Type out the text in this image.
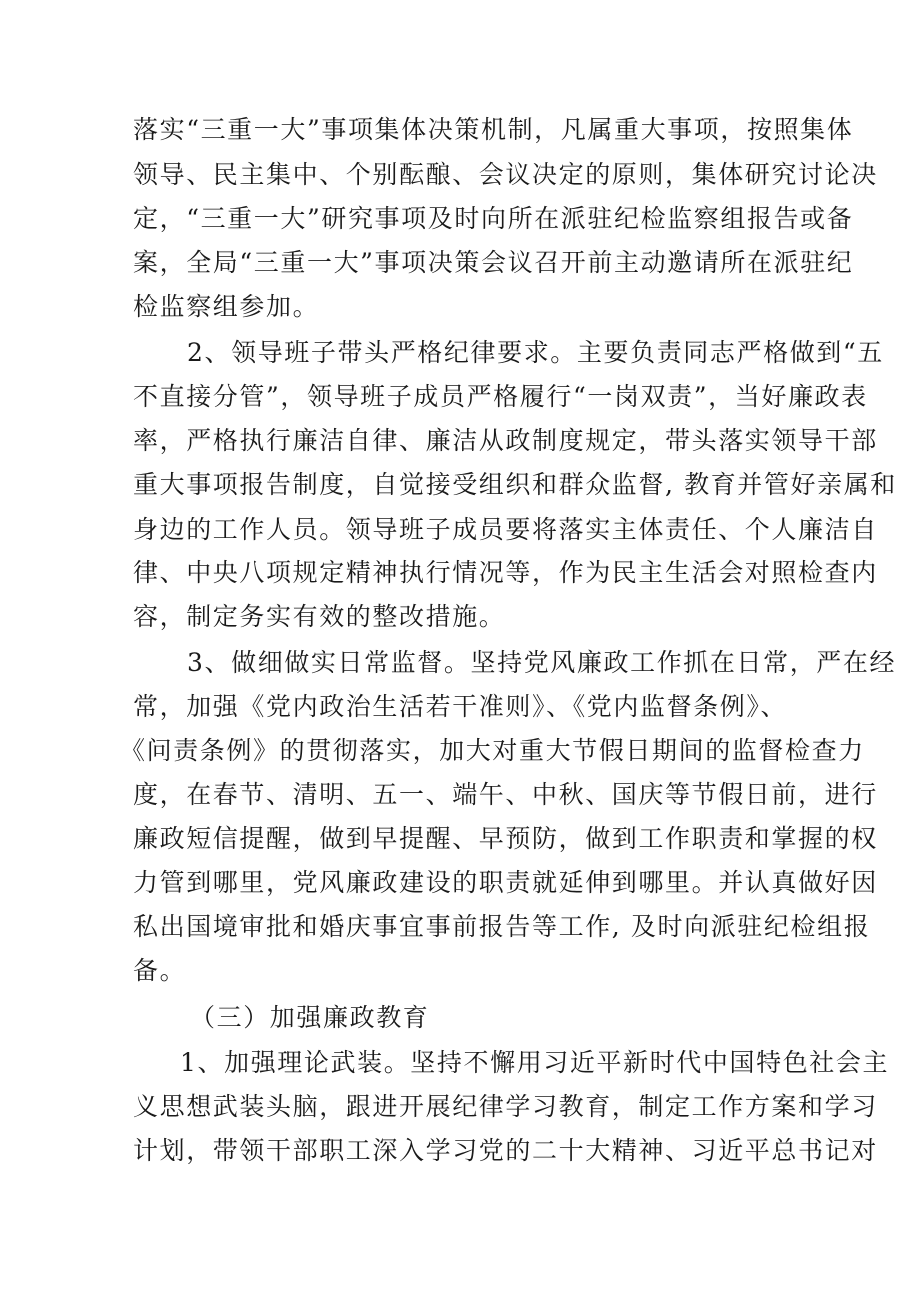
落实“三重一大”事项集体决策机制，凡属重大事项，按照集体
领导、民主集中、个别酝酿、会议决定的原则，集体研究讨论决
定，“三重一大”研究事项及时向所在派驻纪检监察组报告或备
案，全局“三重一大”事项决策会议召开前主动邀请所在派驻纪
检监察组参加。
2、领导班子带头严格纪律要求。主要负责同志严格做到“五
不直接分管”，领导班子成员严格履行“一岗双责”，当好廉政表
率，严格执行廉洁自律、廉洁从政制度规定，带头落实领导干部
重大事项报告制度，自觉接受组织和群众监督, 教育并管好亲属和
身边的工作人员。领导班子成员要将落实主体责任、个人廉洁自
律、中央八项规定精神执行情况等，作为民主生活会对照检查内
容，制定务实有效的整改措施。
3、做细做实日常监督。坚持党风廉政工作抓在日常，严在经
常，加强《党内政治生活若干准则》、《党内监督条例》、
《问责条例》的贯彻落实，加大对重大节假日期间的监督检查力
度，在春节、清明、五一、端午、中秋、国庆等节假日前，进行
廉政短信提醒，做到早提醒、早预防，做到工作职责和掌握的权
力管到哪里，党风廉政建设的职责就延伸到哪里。并认真做好因
私出国境审批和婚庆事宜事前报告等工作, 及时向派驻纪检组报
备。
（三）加强廉政教育
1、加强理论武装。坚持不懈用习近平新时代中国特色社会主
义思想武装头脑，跟进开展纪律学习教育，制定工作方案和学习
计划，带领干部职工深入学习党的二十大精神、习近平总书记对
